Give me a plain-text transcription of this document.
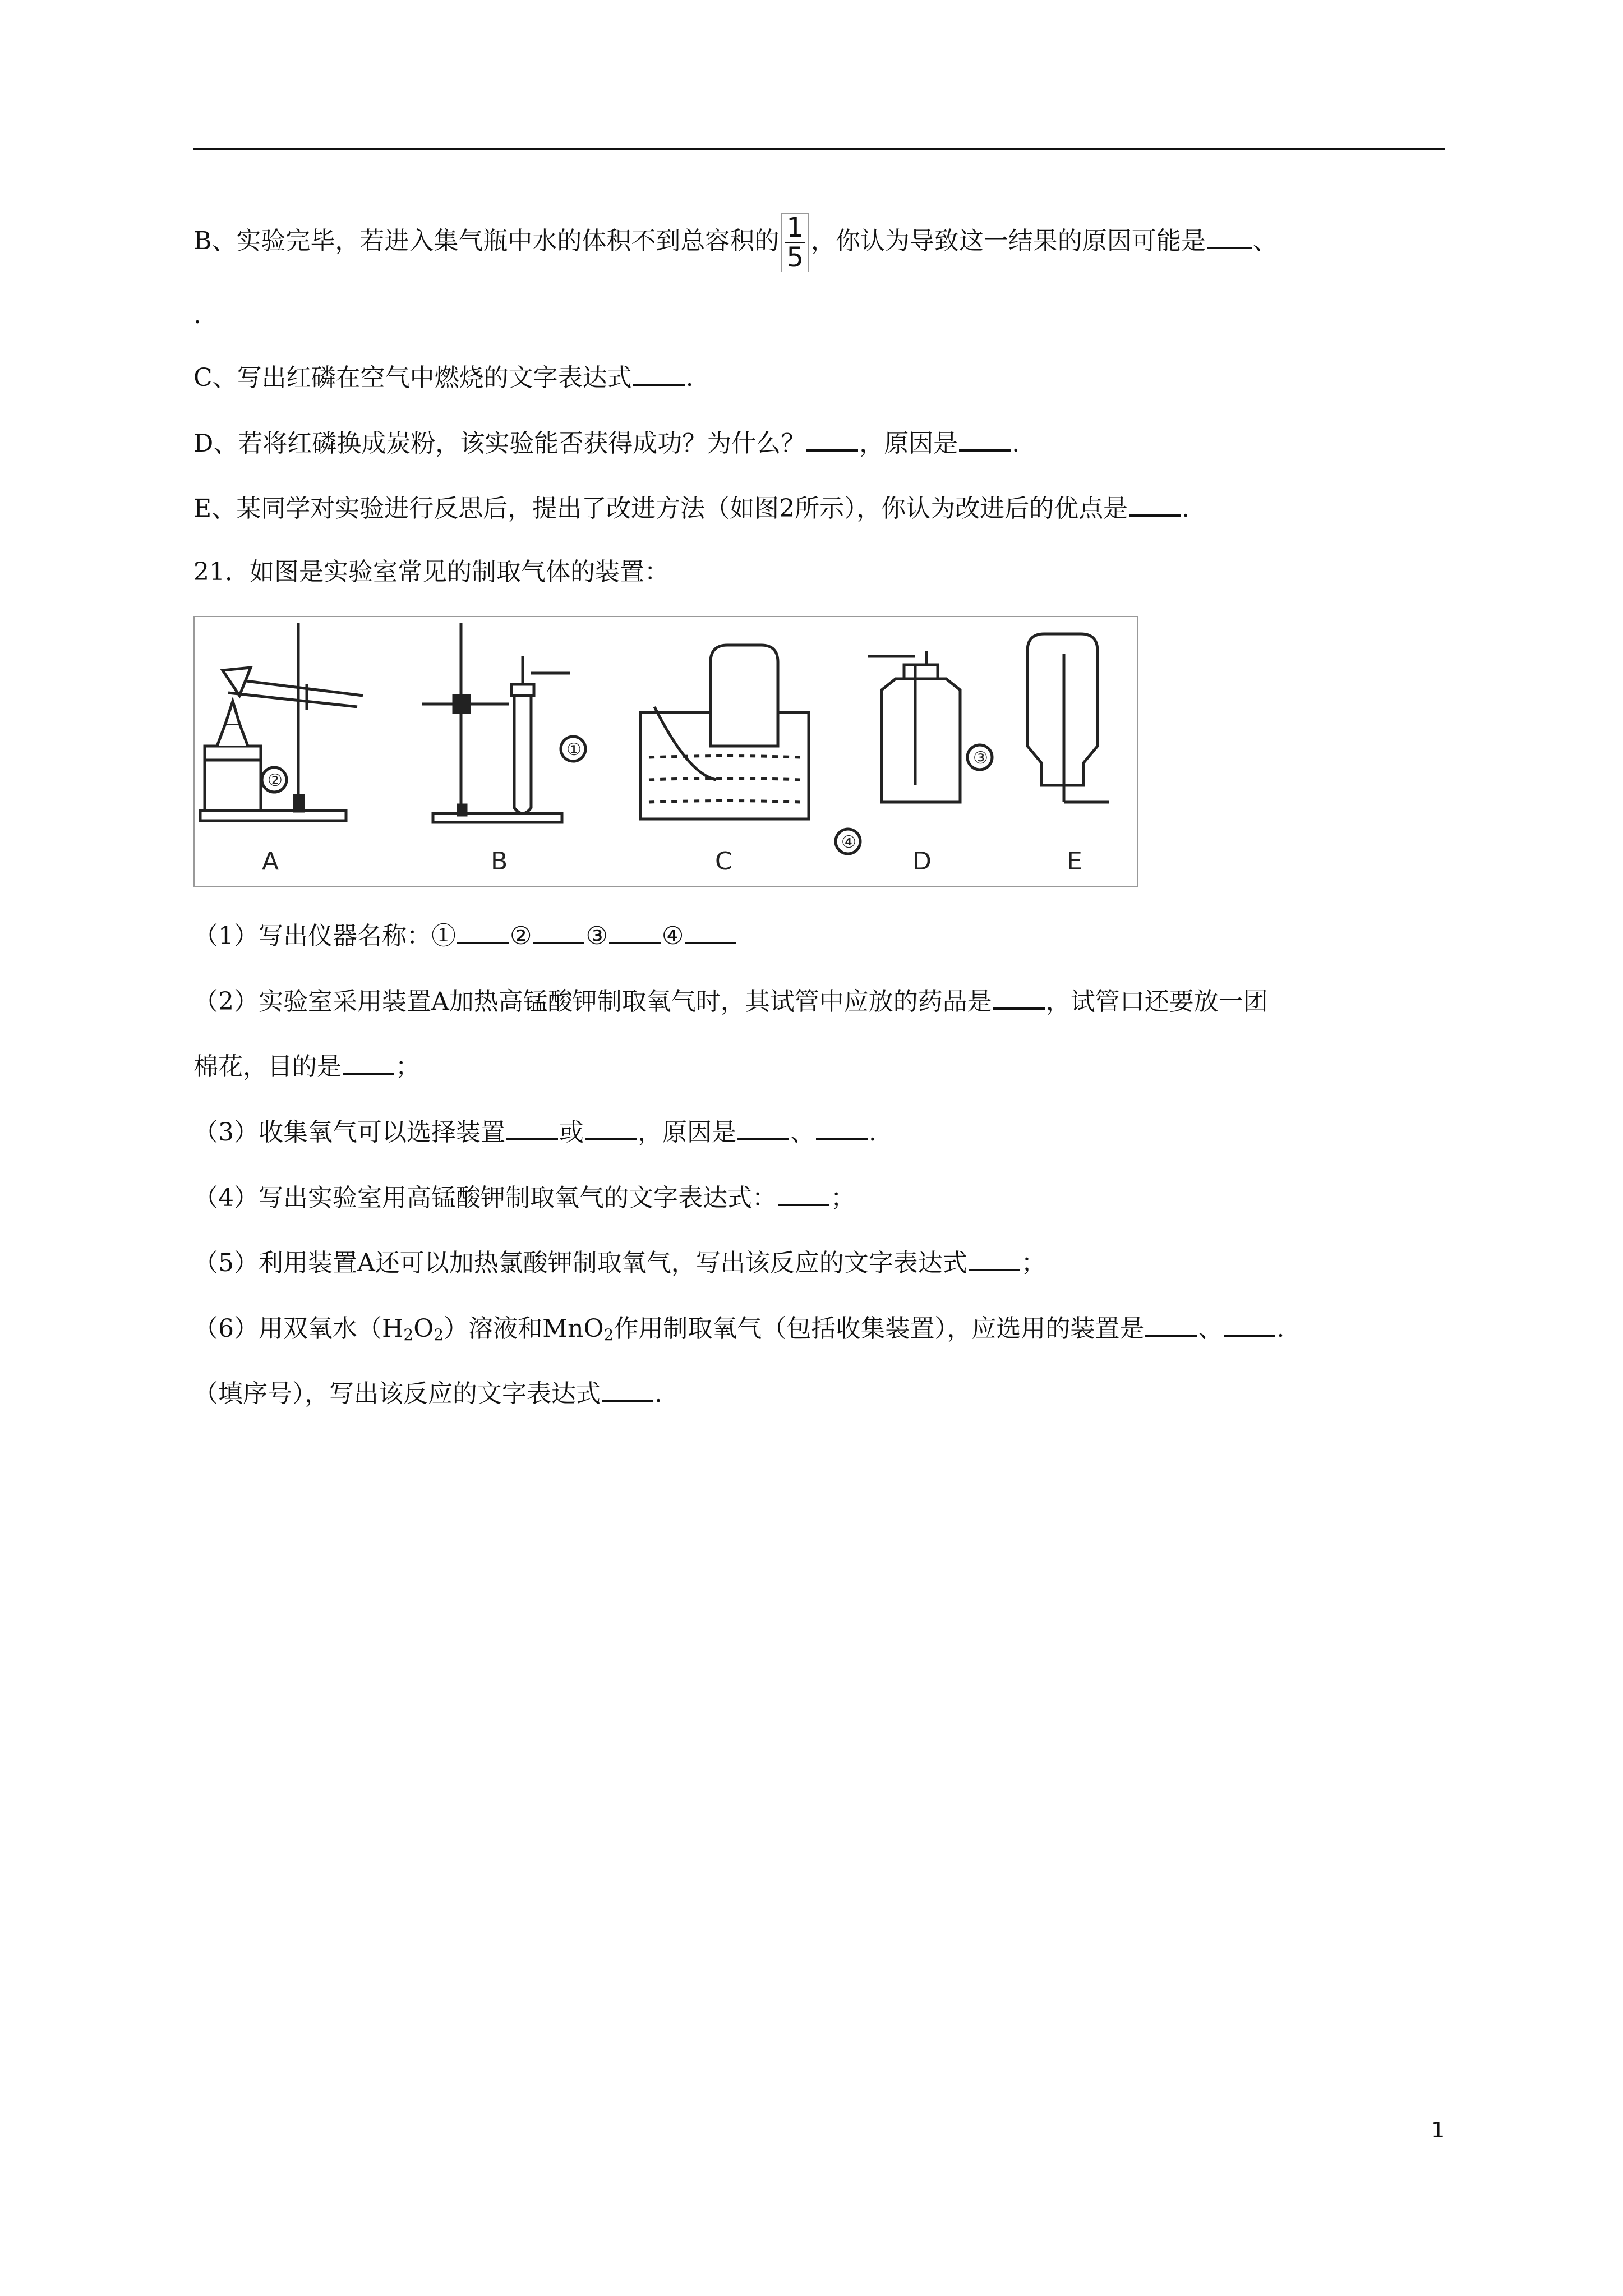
B、实验完毕，若进入集气瓶中水的体积不到总容积的 $\frac{1}{5}$ ，你认为导致这一结果的原因可能是 、
.
C、写出红磷在空气中燃烧的文字表达式 .
D、若将红磷换成炭粉，该实验能否获得成功？为什么？ ，原因是 .
E、某同学对实验进行反思后，提出了改进方法（如图2所示），你认为改进后的优点是 .
21．如图是实验室常见的制取气体的装置：
②
①	③
④
A	B	C	D	E
（1）写出仪器名称：① ② ③ ④
（2）实验室采用装置A加热高锰酸钾制取氧气时，其试管中应放的药品是 ，试管口还要放一团
棉花，目的是 ；
（3）收集氧气可以选择装置 或 ，原因是 、 .
（4）写出实验室用高锰酸钾制取氧气的文字表达式： ；
（5）利用装置A还可以加热氯酸钾制取氧气，写出该反应的文字表达式 ；
（6）用双氧水$(H_2O_2)$溶液和MnO$_2$作用制取氧气（包括收集装置），应选用的装置是 、 .
（填序号），写出该反应的文字表达式 .
1
